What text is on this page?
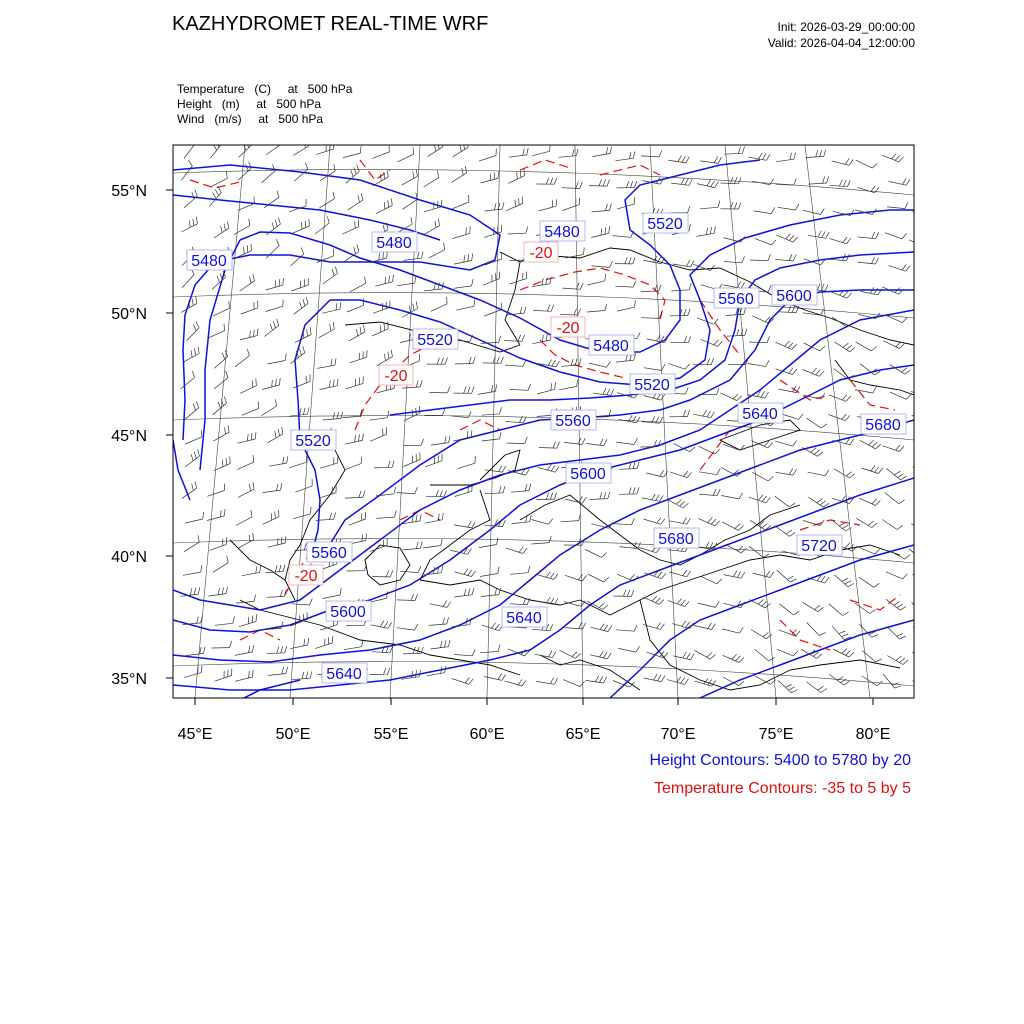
KAZHYDROMET REAL-TIME WRF	Init: 2026-03-29_00:00:00
Valid: 2026-04-04_12:00:00
Temperature   (C)     at   500 hPa
Height   (m)     at   500 hPa
Wind   (m/s)     at   500 hPa
45°E	50°E	55°E	60°E	65°E	70°E	75°E	80°E
55°N
50°N
45°N
40°N
35°N
5480
5480
5480
5480
5520
5520
5520
5520
5560
5560
5560
5600
5600
5600
5640
5640
5640
5680
5680	5720
-20
-20
-20
-20
Height Contours: 5400 to 5780 by 20
Temperature Contours: -35 to 5 by 5
